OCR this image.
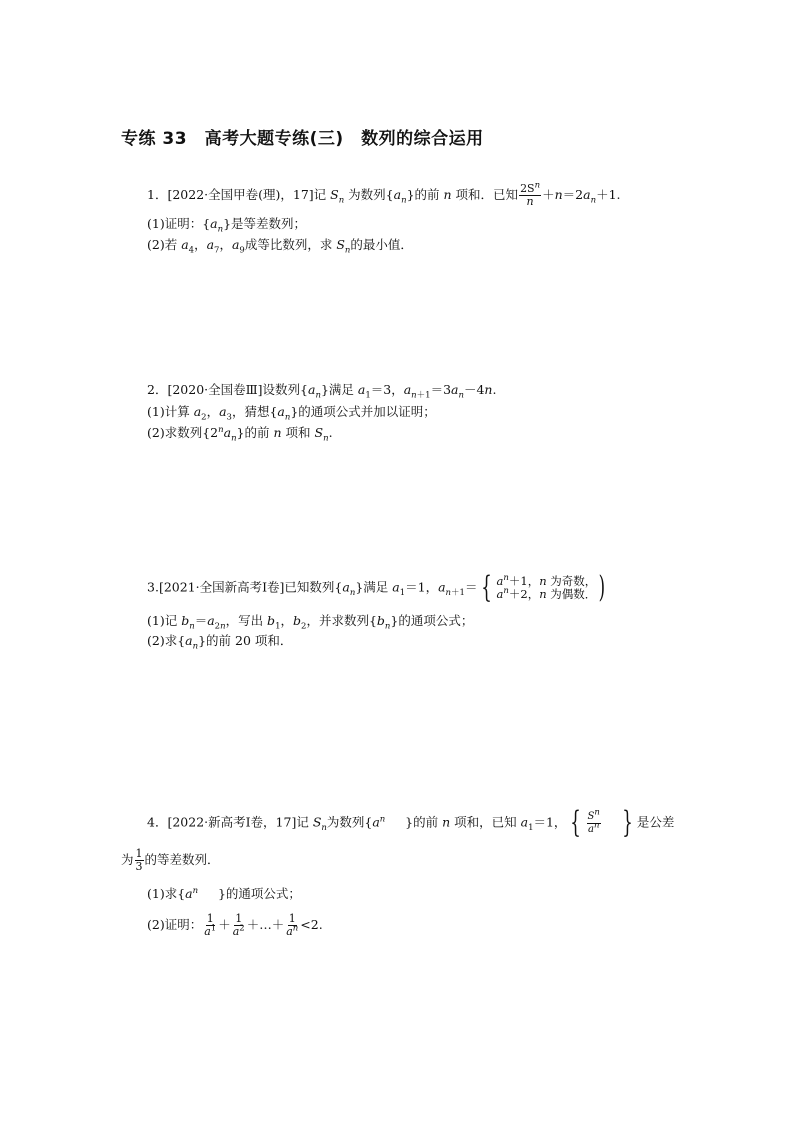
专练 33　高考大题专练(三)　数列的综合运用
1．[2022·全国甲卷(理)，17]记 $S_n$ 为数列$\{a_n\}$的前 n 项和．已知 $\frac{2S^n}{n} +n=2a_n+1$.
(1)证明：$\{a_n\}$是等差数列；
(2)若 $a_4$，$a_7$，$a_9$成等比数列，求 $S_n$的最小值．
2．[2020·全国卷Ⅲ]设数列$\{a_n\}$满足 $a_1=3$，$a_{n+1}=3a_n-4n$.
(1)计算 $a_2$，$a_3$，猜想$\{a_n\}$的通项公式并加以证明；
(2)求数列$\{2^na_n\}$的前 n 项和 $S_n$.
3.[2021·全国新高考Ⅰ卷]已知数列$\{a_n\}$满足 $a_1=1$，$a_{n+1}=$ { $a^n+1$，n 为奇数，
$a^n+2$，n 为偶数． )
(1)记 $b_n=a_{2n}$，写出 $b_1$，$b_2$，并求数列$\{b_n\}$的通项公式；
(2)求$\{a_n\}$的前 20 项和．
4．[2022·新高考Ⅰ卷，17]记 $S_n$为数列{$a^n$ }的前 n 项和，已知 $a_1=1$， { $\frac{S^n}{a^n}$ } 是公差
为 $\frac{1}{3}$ 的等差数列．
(1)求{$a^n$ }的通项公式；
(2)证明： $\frac{1}{a^1} + \frac{1}{a^2}$ ＋…＋ $\frac{1}{a^n} <2$.
